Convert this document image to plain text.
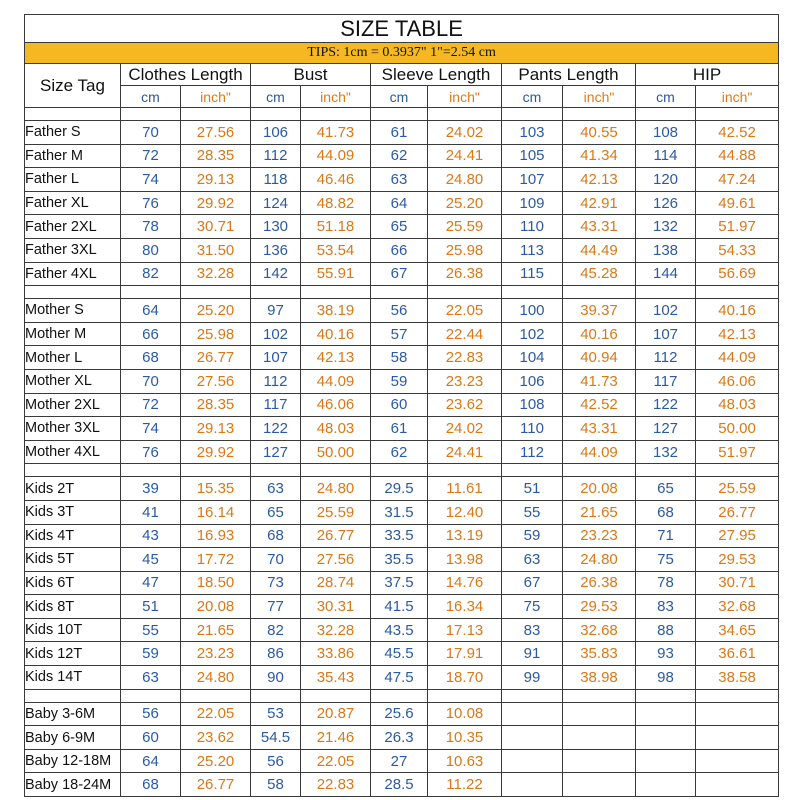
SIZE TABLE										
TIPS: 1cm = 0.3937" 1"=2.54 cm										
Size Tag	Clothes Length		Bust		Sleeve Length		Pants Length		HIP	
	cm	inch"	cm	inch"	cm	inch"	cm	inch"	cm	inch"

Father S	70	27.56	106	41.73	61	24.02	103	40.55	108	42.52
Father M	72	28.35	112	44.09	62	24.41	105	41.34	114	44.88
Father L	74	29.13	118	46.46	63	24.80	107	42.13	120	47.24
Father XL	76	29.92	124	48.82	64	25.20	109	42.91	126	49.61
Father 2XL	78	30.71	130	51.18	65	25.59	110	43.31	132	51.97
Father 3XL	80	31.50	136	53.54	66	25.98	113	44.49	138	54.33
Father 4XL	82	32.28	142	55.91	67	26.38	115	45.28	144	56.69

Mother S	64	25.20	97	38.19	56	22.05	100	39.37	102	40.16
Mother M	66	25.98	102	40.16	57	22.44	102	40.16	107	42.13
Mother L	68	26.77	107	42.13	58	22.83	104	40.94	112	44.09
Mother XL	70	27.56	112	44.09	59	23.23	106	41.73	117	46.06
Mother 2XL	72	28.35	117	46.06	60	23.62	108	42.52	122	48.03
Mother 3XL	74	29.13	122	48.03	61	24.02	110	43.31	127	50.00
Mother 4XL	76	29.92	127	50.00	62	24.41	112	44.09	132	51.97

Kids 2T	39	15.35	63	24.80	29.5	11.61	51	20.08	65	25.59
Kids 3T	41	16.14	65	25.59	31.5	12.40	55	21.65	68	26.77
Kids 4T	43	16.93	68	26.77	33.5	13.19	59	23.23	71	27.95
Kids 5T	45	17.72	70	27.56	35.5	13.98	63	24.80	75	29.53
Kids 6T	47	18.50	73	28.74	37.5	14.76	67	26.38	78	30.71
Kids 8T	51	20.08	77	30.31	41.5	16.34	75	29.53	83	32.68
Kids 10T	55	21.65	82	32.28	43.5	17.13	83	32.68	88	34.65
Kids 12T	59	23.23	86	33.86	45.5	17.91	91	35.83	93	36.61
Kids 14T	63	24.80	90	35.43	47.5	18.70	99	38.98	98	38.58

Baby 3-6M	56	22.05	53	20.87	25.6	10.08				
Baby 6-9M	60	23.62	54.5	21.46	26.3	10.35				
Baby 12-18M	64	25.20	56	22.05	27	10.63				
Baby 18-24M	68	26.77	58	22.83	28.5	11.22				
